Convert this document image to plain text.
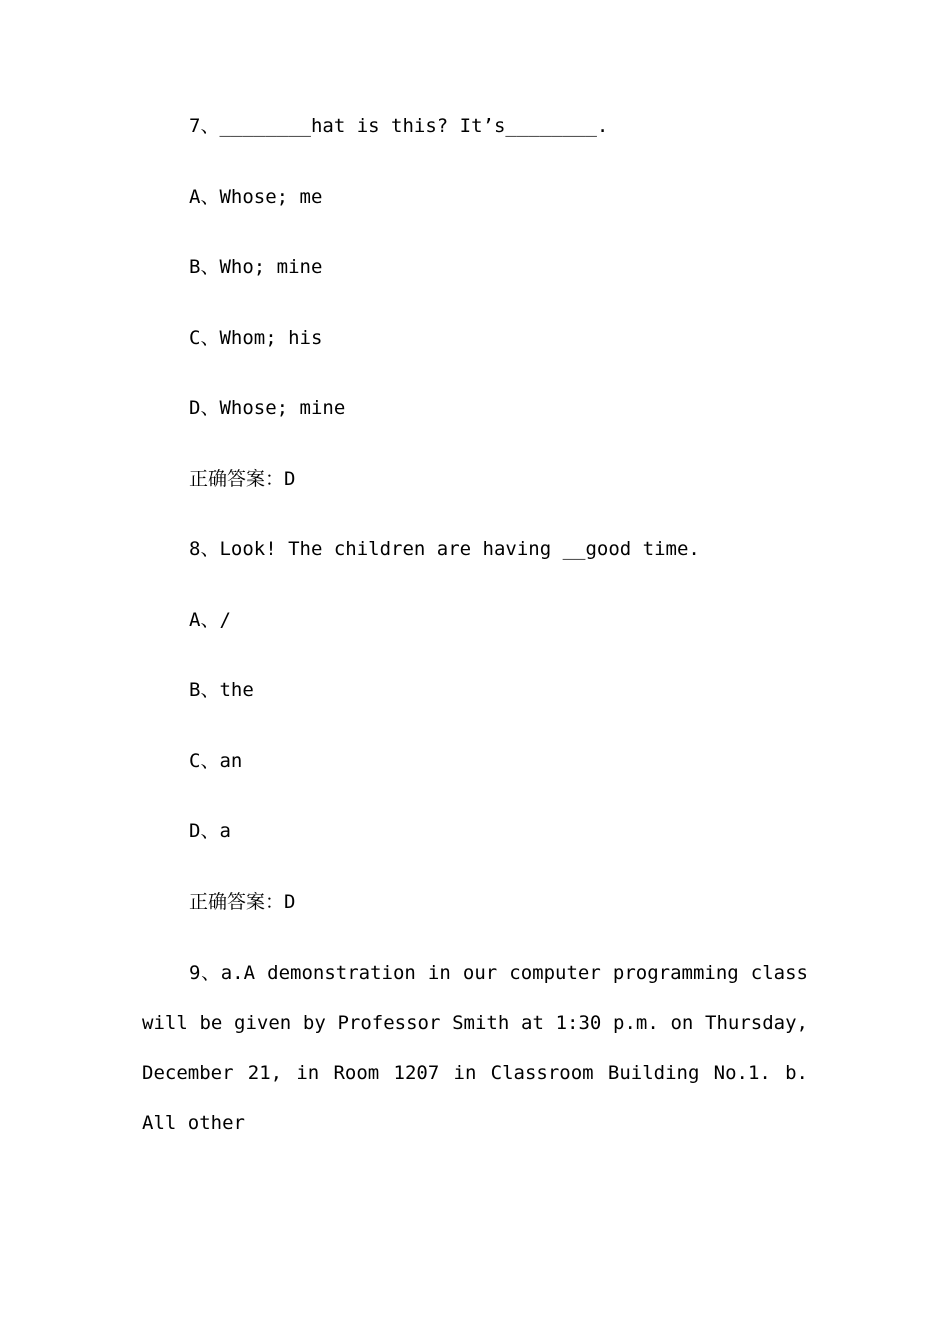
7、________hat is this? It’s________.
A、Whose; me
B、Who; mine
C、Whom; his
D、Whose; mine
正确答案：D
8、Look! The children are having __good time.
A、/
B、the
C、an
D、a
正确答案：D
9、a.A demonstration in our computer programming class will be given by Professor Smith at 1:30 p.m. on Thursday, December 21, in Room 1207 in Classroom Building No.1. b. All other
